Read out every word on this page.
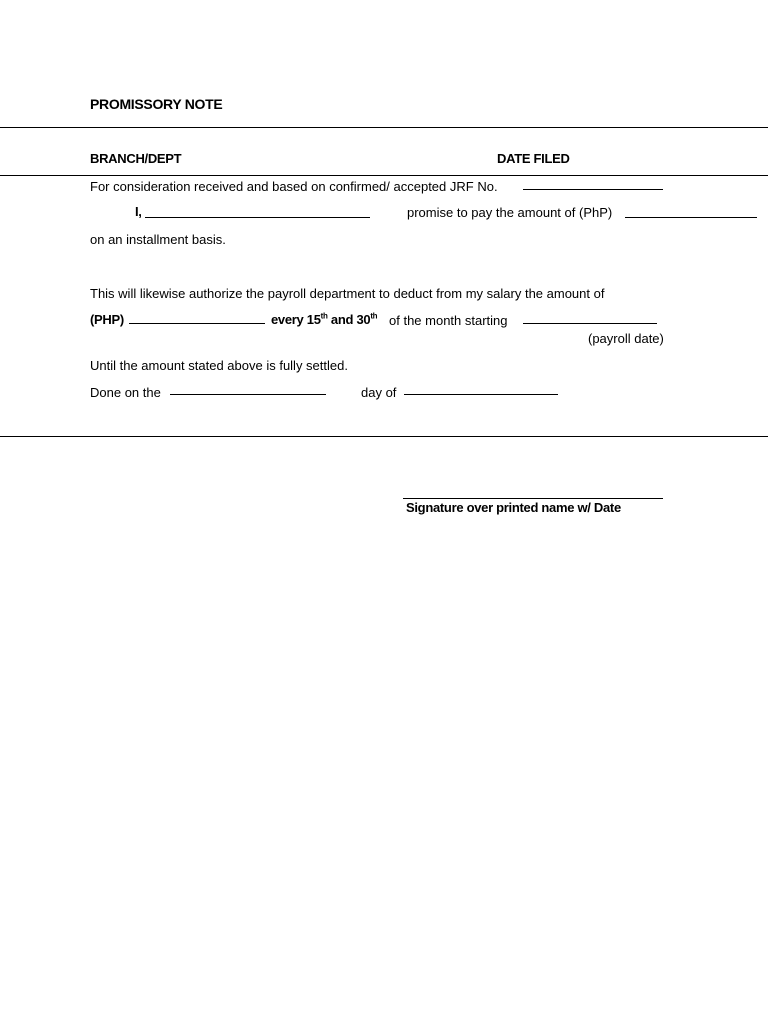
PROMISSORY NOTE
BRANCH/DEPT	DATE FILED
For consideration received and based on confirmed/ accepted JRF No.
I,	promise to pay the amount of (PhP)
on an installment basis.
This will likewise authorize the payroll department to deduct from my salary the amount of
(PHP)	every 15th and 30th of the month starting
(payroll date)
Until the amount stated above is fully settled.
Done on the	day of
Signature over printed name w/ Date
